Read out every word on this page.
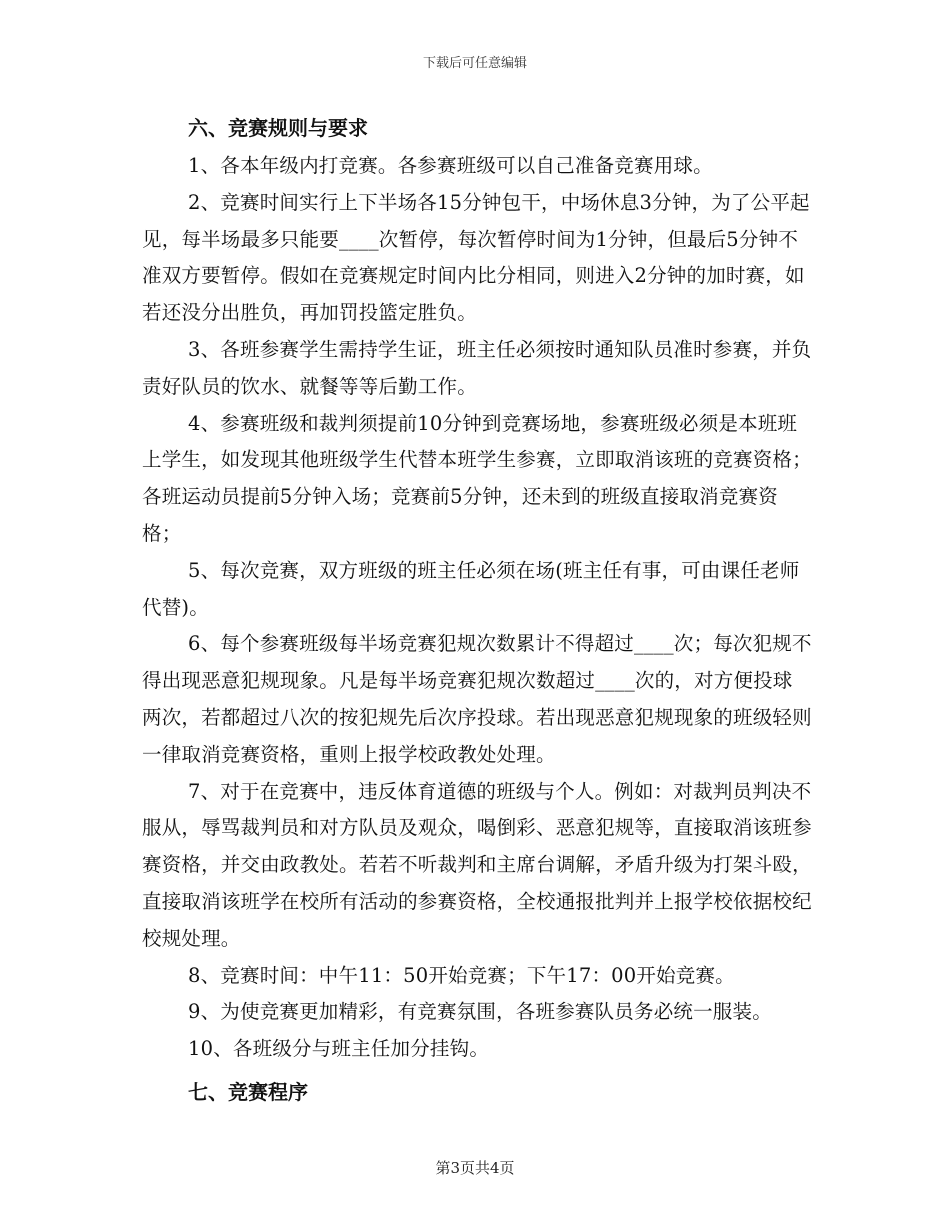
下载后可任意编辑
六、竞赛规则与要求

1、各本年级内打竞赛。各参赛班级可以自己准备竞赛用球。

2、竞赛时间实行上下半场各15分钟包干，中场休息3分钟，为了公平起见，每半场最多只能要____次暂停，每次暂停时间为1分钟，但最后5分钟不准双方要暂停。假如在竞赛规定时间内比分相同，则进入2分钟的加时赛，如若还没分出胜负，再加罚投篮定胜负。

3、各班参赛学生需持学生证，班主任必须按时通知队员准时参赛，并负责好队员的饮水、就餐等等后勤工作。

4、参赛班级和裁判须提前10分钟到竞赛场地，参赛班级必须是本班班上学生，如发现其他班级学生代替本班学生参赛，立即取消该班的竞赛资格；各班运动员提前5分钟入场；竞赛前5分钟，还未到的班级直接取消竞赛资格；

5、每次竞赛，双方班级的班主任必须在场(班主任有事，可由课任老师代替)。

6、每个参赛班级每半场竞赛犯规次数累计不得超过____次；每次犯规不得出现恶意犯规现象。凡是每半场竞赛犯规次数超过____次的，对方便投球两次，若都超过八次的按犯规先后次序投球。若出现恶意犯规现象的班级轻则一律取消竞赛资格，重则上报学校政教处处理。

7、对于在竞赛中，违反体育道德的班级与个人。例如：对裁判员判决不服从，辱骂裁判员和对方队员及观众，喝倒彩、恶意犯规等，直接取消该班参赛资格，并交由政教处。若若不听裁判和主席台调解，矛盾升级为打架斗殴，直接取消该班学在校所有活动的参赛资格，全校通报批判并上报学校依据校纪校规处理。

8、竞赛时间：中午11：50开始竞赛；下午17：00开始竞赛。

9、为使竞赛更加精彩，有竞赛氛围，各班参赛队员务必统一服装。

10、各班级分与班主任加分挂钩。

七、竞赛程序
第3页共4页
